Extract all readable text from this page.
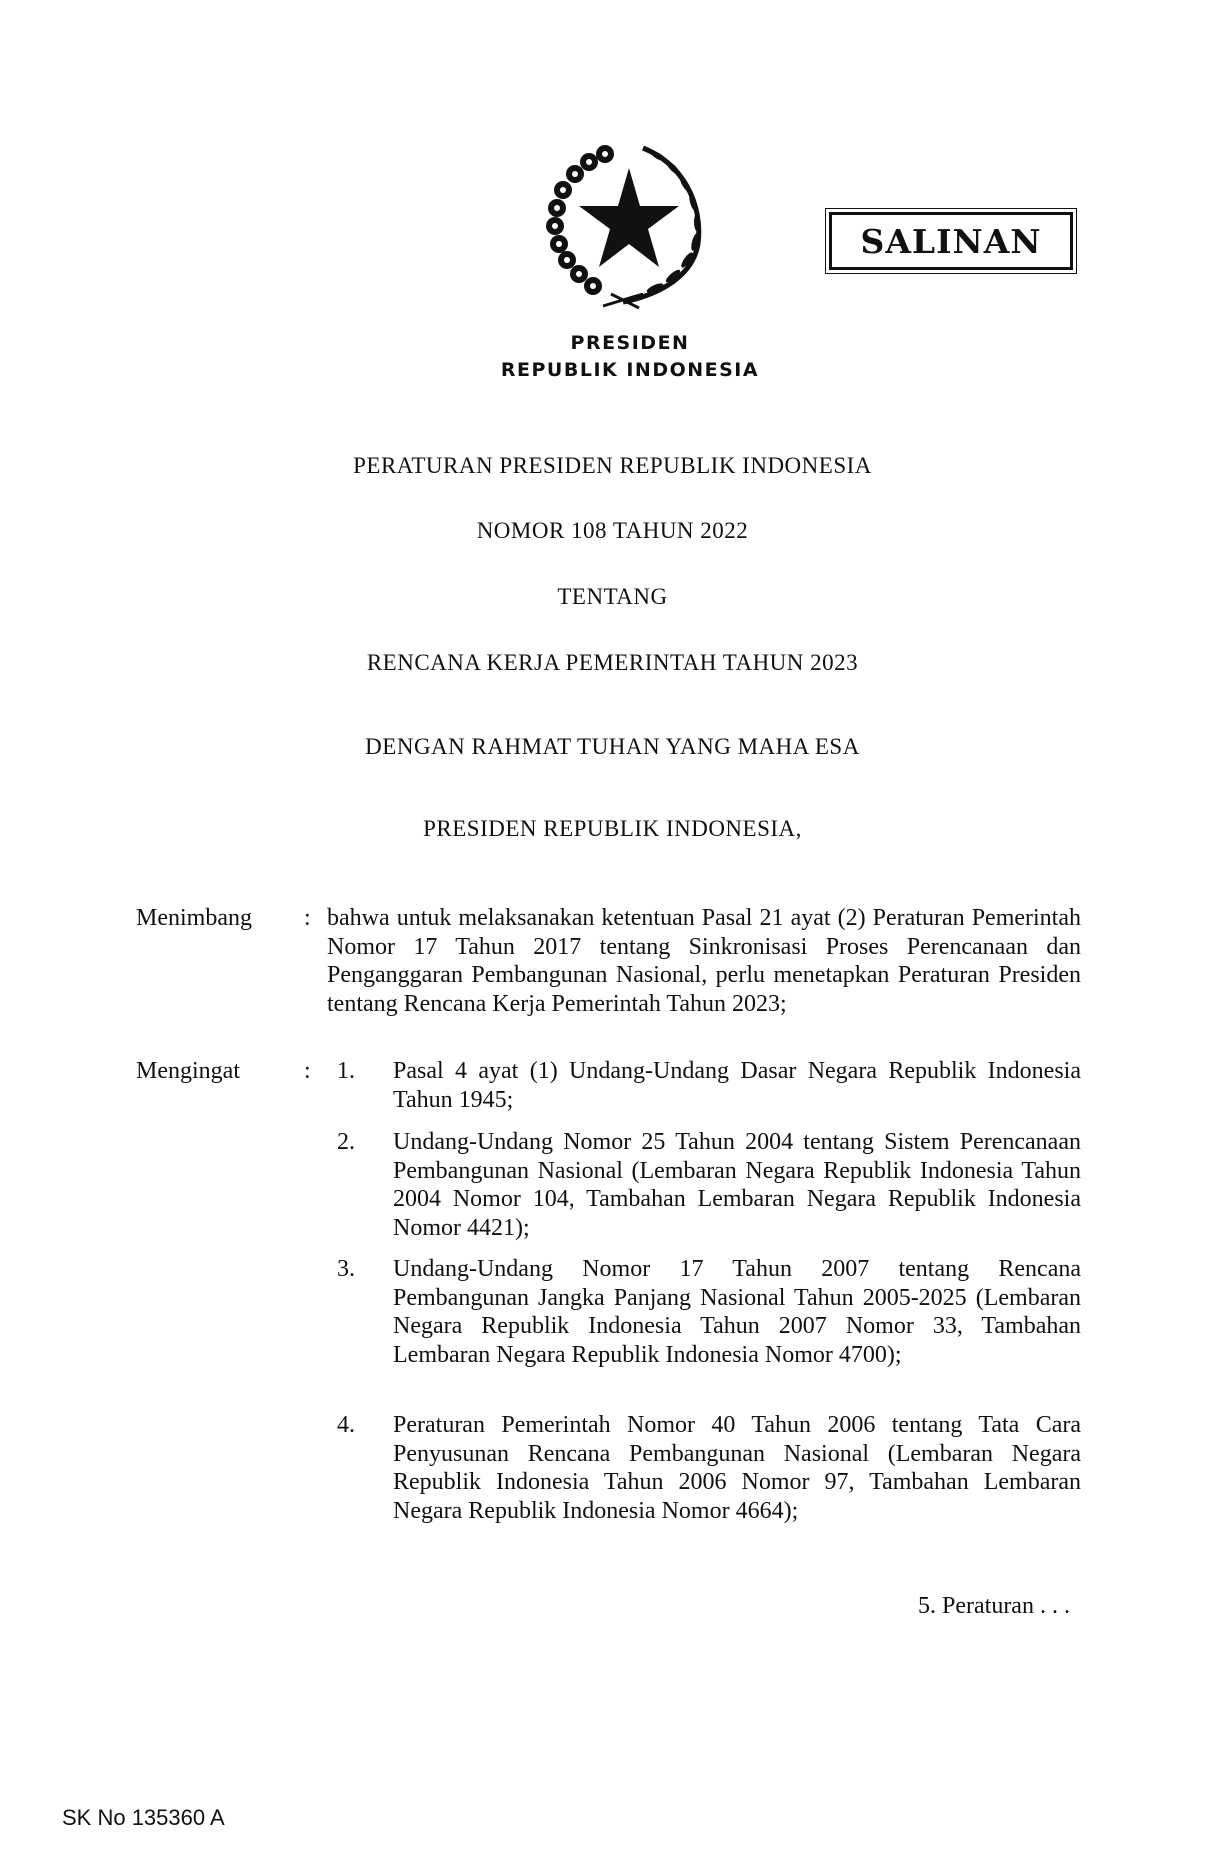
PRESIDEN
REPUBLIK INDONESIA
SALINAN
PERATURAN PRESIDEN REPUBLIK INDONESIA
NOMOR 108 TAHUN 2022
TENTANG
RENCANA KERJA PEMERINTAH TAHUN 2023
DENGAN RAHMAT TUHAN YANG MAHA ESA
PRESIDEN REPUBLIK INDONESIA,
Menimbang : bahwa untuk melaksanakan ketentuan Pasal 21 ayat (2) Peraturan Pemerintah Nomor 17 Tahun 2017 tentang Sinkronisasi Proses Perencanaan dan Penganggaran Pembangunan Nasional, perlu menetapkan Peraturan Presiden tentang Rencana Kerja Pemerintah Tahun 2023;
Mengingat	: 1. Pasal 4 ayat (1) Undang-Undang Dasar Negara Republik Indonesia Tahun 1945;
2. Undang-Undang Nomor 25 Tahun 2004 tentang Sistem Perencanaan Pembangunan Nasional (Lembaran Negara Republik Indonesia Tahun 2004 Nomor 104, Tambahan Lembaran Negara Republik Indonesia Nomor 4421);
3. Undang-Undang Nomor 17 Tahun 2007 tentang Rencana Pembangunan Jangka Panjang Nasional Tahun 2005-2025 (Lembaran Negara Republik Indonesia Tahun 2007 Nomor 33, Tambahan Lembaran Negara Republik Indonesia Nomor 4700);
4. Peraturan Pemerintah Nomor 40 Tahun 2006 tentang Tata Cara Penyusunan Rencana Pembangunan Nasional (Lembaran Negara Republik Indonesia Tahun 2006 Nomor 97, Tambahan Lembaran Negara Republik Indonesia Nomor 4664);
5. Peraturan . . .
SK No 135360 A
